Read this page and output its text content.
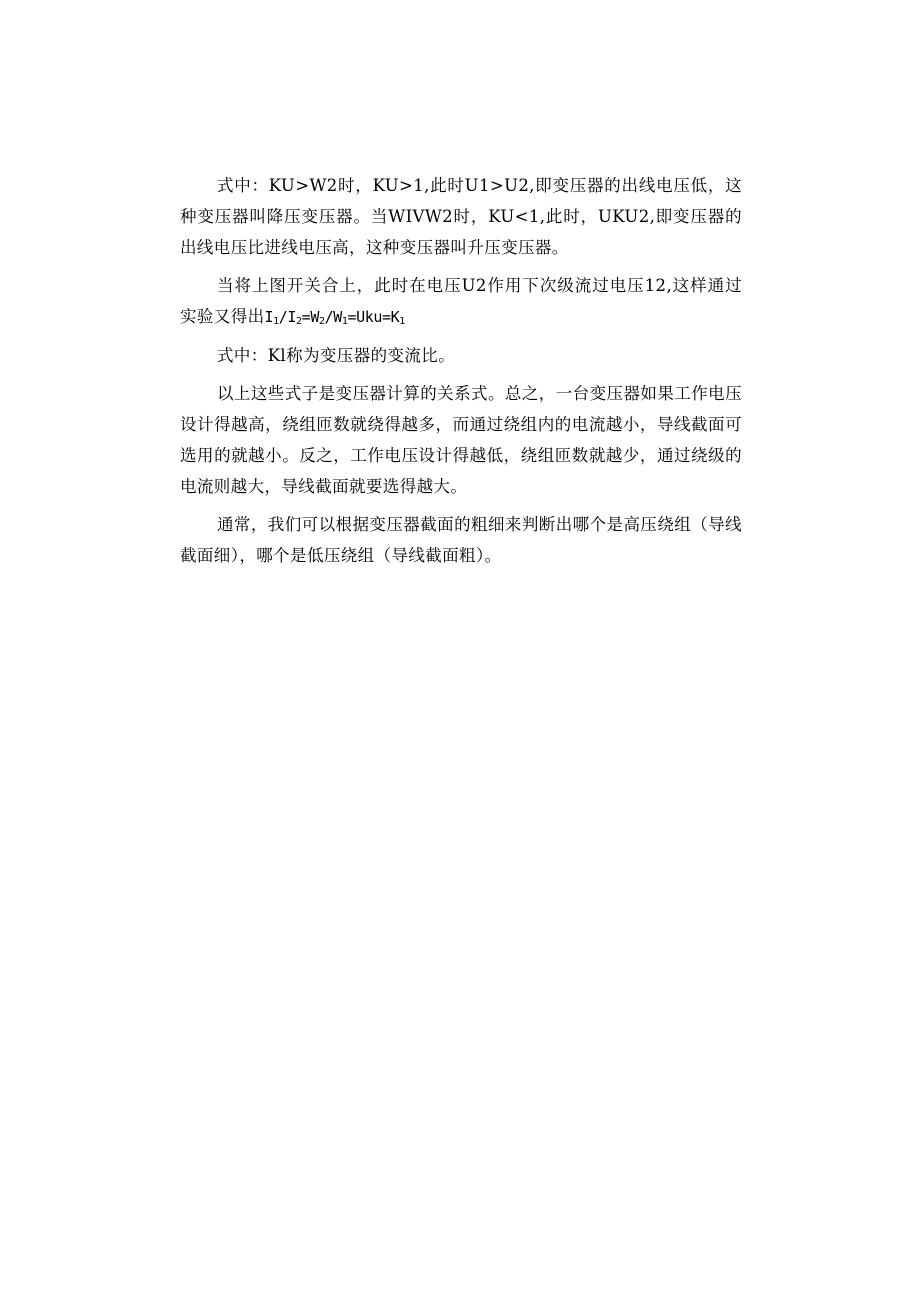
式中：KU>W2时，KU>1,此时U1>U2,即变压器的出线电压低，这种变压器叫降压变压器。当WIVW2时，KU<1,此时，UKU2,即变压器的出线电压比进线电压高，这种变压器叫升压变压器。

当将上图开关合上，此时在电压U2作用下次级流过电压12,这样通过实验又得出$I_1/I_2=W_2/W_1=Uku=K_1$

式中：Kl称为变压器的变流比。

以上这些式子是变压器计算的关系式。总之，一台变压器如果工作电压设计得越高，绕组匝数就绕得越多，而通过绕组内的电流越小，导线截面可选用的就越小。反之，工作电压设计得越低，绕组匝数就越少，通过绕级的电流则越大，导线截面就要选得越大。

通常，我们可以根据变压器截面的粗细来判断出哪个是高压绕组（导线截面细），哪个是低压绕组（导线截面粗）。
